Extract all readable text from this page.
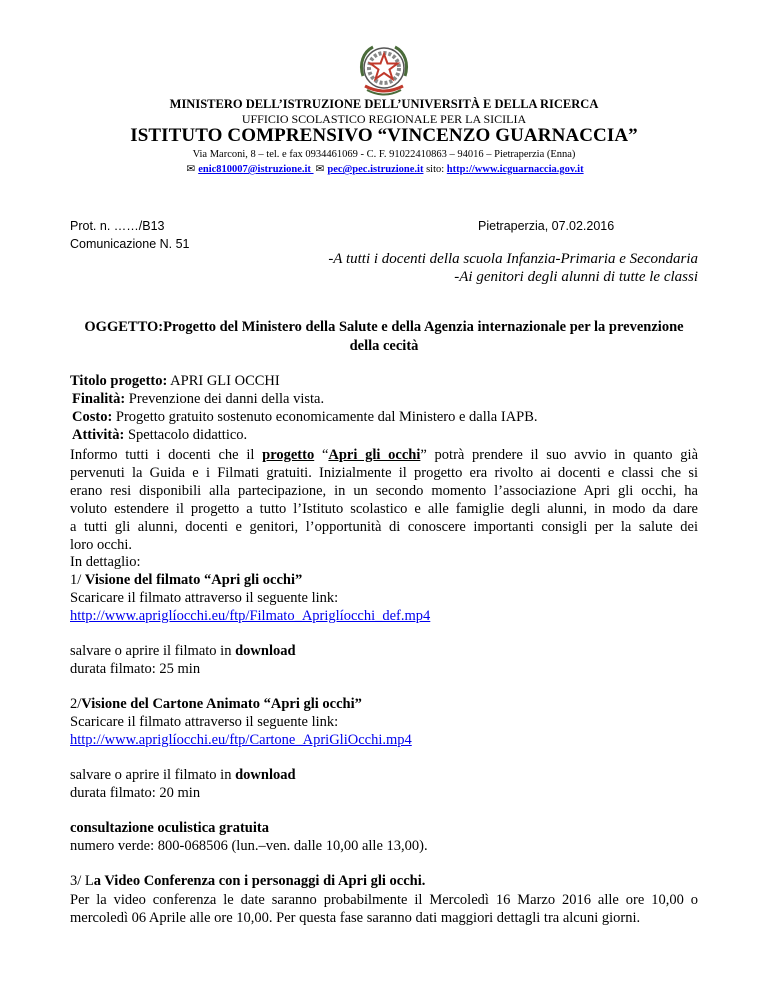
MINISTERO DELL’ISTRUZIONE DELL’UNIVERSITÀ E DELLA RICERCA
UFFICIO SCOLASTICO REGIONALE PER LA SICILIA
ISTITUTO COMPRENSIVO “VINCENZO GUARNACCIA”
Via Marconi, 8 – tel. e fax 0934461069 - C. F. 91022410863 – 94016 – Pietraperzia (Enna)
✉ enic810007@istruzione.it ✉ pec@pec.istruzione.it sito: http://www.icguarnaccia.gov.it
Prot. n. ……/B13
Comunicazione N. 51
Pietraperzia, 07.02.2016
-A tutti i docenti della scuola Infanzia-Primaria e Secondaria
-Ai genitori degli alunni di tutte le classi
OGGETTO:Progetto del Ministero della Salute e della Agenzia internazionale per la prevenzione della cecità
Titolo progetto: APRI GLI OCCHI
Finalità: Prevenzione dei danni della vista.
Costo: Progetto gratuito sostenuto economicamente dal Ministero e dalla IAPB.
Attività: Spettacolo didattico.
Informo tutti i docenti che il progetto “Apri gli occhi” potrà prendere il suo avvio in quanto già
pervenuti la Guida e i Filmati gratuiti. Inizialmente il progetto era rivolto ai docenti e classi che si
erano resi disponibili alla partecipazione, in un secondo momento l’associazione Apri gli occhi, ha
voluto estendere il progetto a tutto l’Istituto scolastico e alle famiglie degli alunni, in modo da dare
a tutti gli alunni, docenti e genitori, l’opportunità di conoscere importanti consigli per la salute dei
loro occhi.
In dettaglio:
1/ Visione del filmato “Apri gli occhi”
Scaricare il filmato attraverso il seguente link:
http://www.apriglíocchi.eu/ftp/Filmato_Apriglíocchi_def.mp4
salvare o aprire il filmato in download
durata filmato: 25 min
2/Visione del Cartone Animato “Apri gli occhi”
Scaricare il filmato attraverso il seguente link:
http://www.apriglíocchi.eu/ftp/Cartone_ApriGliOcchi.mp4
salvare o aprire il filmato in download
durata filmato: 20 min
consultazione oculistica gratuita
numero verde: 800-068506 (lun.–ven. dalle 10,00 alle 13,00).
3/ La Video Conferenza con i personaggi di Apri gli occhi.
Per la video conferenza le date saranno probabilmente il Mercoledì 16 Marzo 2016 alle ore 10,00 o
mercoledì 06 Aprile alle ore 10,00. Per questa fase saranno dati maggiori dettagli tra alcuni giorni.
